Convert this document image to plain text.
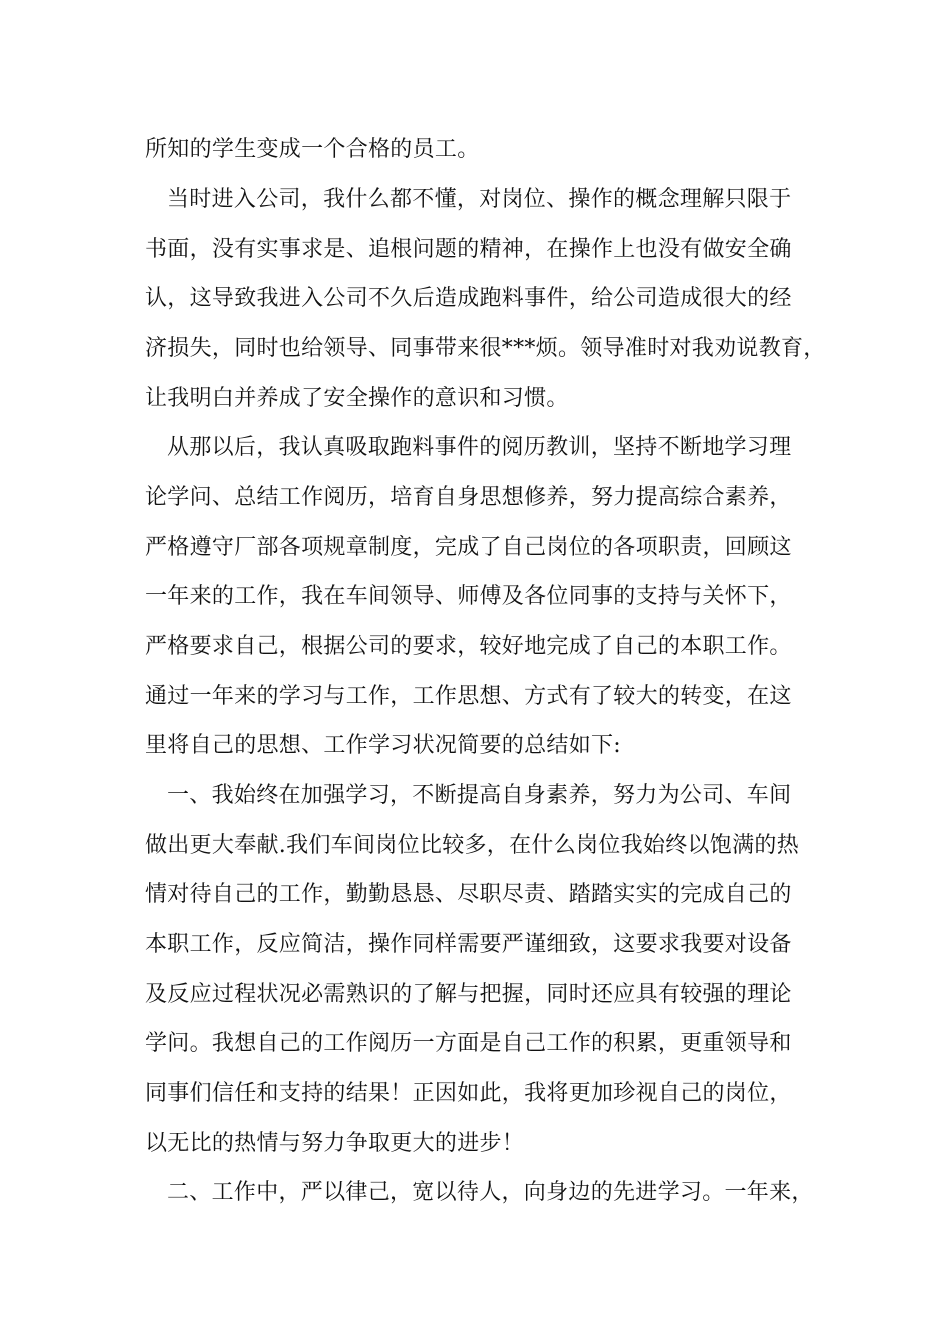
所知的学生变成一个合格的员工。
当时进入公司，我什么都不懂，对岗位、操作的概念理解只限于
书面，没有实事求是、追根问题的精神，在操作上也没有做安全确
认，这导致我进入公司不久后造成跑料事件，给公司造成很大的经
济损失，同时也给领导、同事带来很***烦。领导准时对我劝说教育，
让我明白并养成了安全操作的意识和习惯。
从那以后，我认真吸取跑料事件的阅历教训，坚持不断地学习理
论学问、总结工作阅历，培育自身思想修养，努力提高综合素养，
严格遵守厂部各项规章制度，完成了自己岗位的各项职责，回顾这
一年来的工作，我在车间领导、师傅及各位同事的支持与关怀下，
严格要求自己，根据公司的要求，较好地完成了自己的本职工作。
通过一年来的学习与工作，工作思想、方式有了较大的转变，在这
里将自己的思想、工作学习状况简要的总结如下:
一、我始终在加强学习，不断提高自身素养，努力为公司、车间
做出更大奉献.我们车间岗位比较多，在什么岗位我始终以饱满的热
情对待自己的工作，勤勤恳恳、尽职尽责、踏踏实实的完成自己的
本职工作，反应简洁，操作同样需要严谨细致，这要求我要对设备
及反应过程状况必需熟识的了解与把握，同时还应具有较强的理论
学问。我想自己的工作阅历一方面是自己工作的积累，更重领导和
同事们信任和支持的结果！正因如此，我将更加珍视自己的岗位，
以无比的热情与努力争取更大的进步！
二、工作中，严以律己，宽以待人，向身边的先进学习。一年来，
